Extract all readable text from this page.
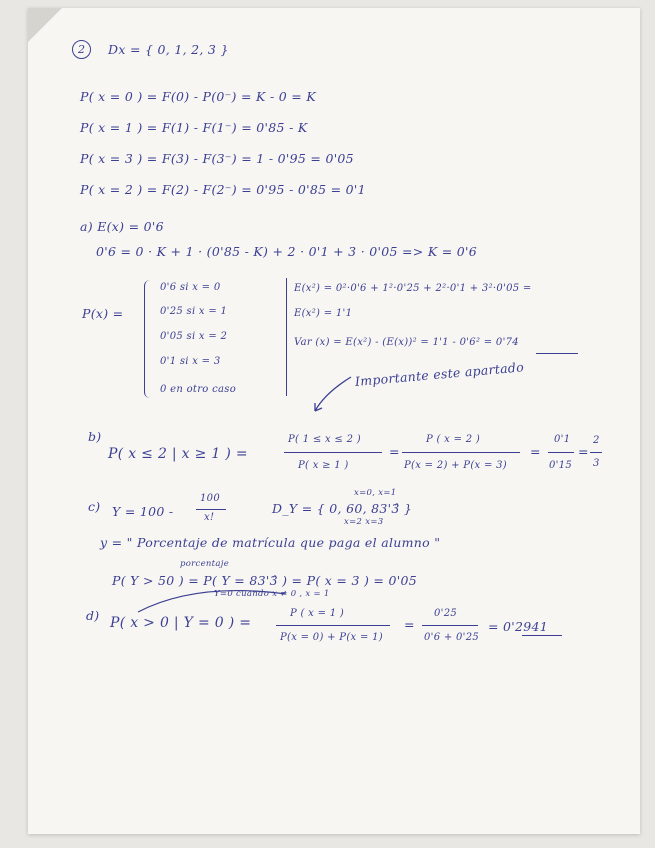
2	Dx = { 0, 1, 2, 3 }
P( x = 0 ) = F(0) - P(0⁻) = K - 0 = K
P( x = 1 ) = F(1) - F(1⁻) = 0'85 - K
P( x = 3 ) = F(3) - F(3⁻) = 1 - 0'95 = 0'05
P( x = 2 ) = F(2) - F(2⁻) = 0'95 - 0'85 = 0'1
a) E(x) = 0'6
0'6 = 0 · K + 1 · (0'85 - K) + 2 · 0'1 + 3 · 0'05 => K = 0'6
P(x) =
0'6 si x = 0
0'25 si x = 1
0'05 si x = 2
0'1 si x = 3
0 en otro caso
E(x²) = 0²·0'6 + 1²·0'25 + 2²·0'1 + 3²·0'05 =
E(x²) = 1'1
Var (x) = E(x²) - (E(x))² = 1'1 - 0'6² = 0'74
Importante este apartado
b)
P( x ≤ 2 | x ≥ 1 ) =
P( 1 ≤ x ≤ 2 )
P( x ≥ 1 )
=
P ( x = 2 )
P(x = 2) + P(x = 3)
=
0'1
0'15
=
2
3
c) Y = 100 -
100
x!
x=0, x=1
D_Y = { 0, 60, 83'3̂ }
x=2 x=3
y = " Porcentaje de matrícula que paga el alumno "
porcentaje
P( Y > 50 ) = P( Y = 83'3̂ ) = P( x = 3 ) = 0'05
Y=0 cuando x ≠ 0 , x = 1
d) P( x > 0 | Y = 0 ) =
P ( x = 1 )
P(x = 0) + P(x = 1)
=
0'25
0'6 + 0'25
= 0'2941
